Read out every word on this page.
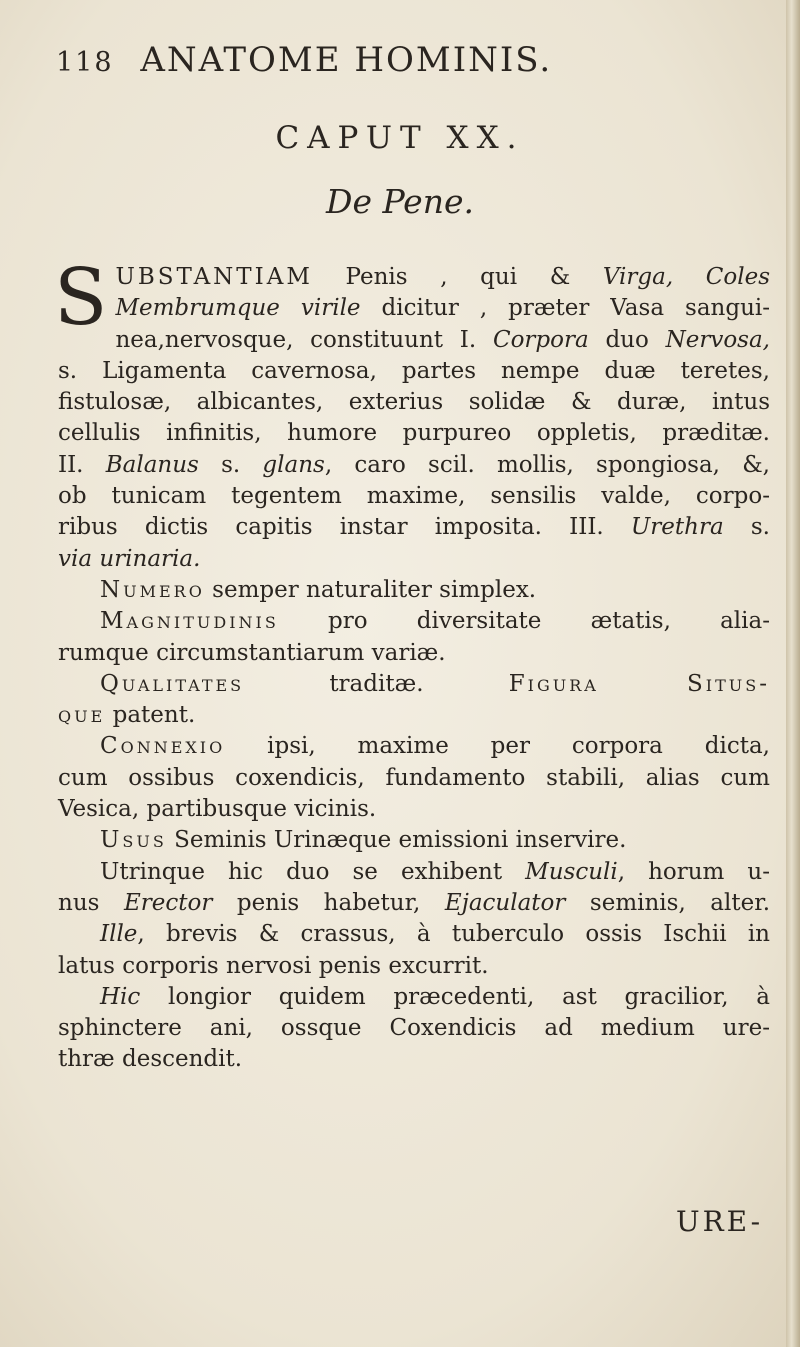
118 ANATOME HOMINIS.
CAPUT XX.
De Pene.
S UBSTANTIAM Penis , qui & Virga, Coles
Membrumque virile dicitur , præter Vasa sangui-
nea,nervosque, constituunt I. Corpora duo Nervosa,
s. Ligamenta cavernosa, partes nempe duæ teretes,
fistulosæ, albicantes, exterius solidæ & duræ, intus
cellulis infinitis, humore purpureo oppletis, præditæ.
II. Balanus s. glans, caro scil. mollis, spongiosa, &,
ob tunicam tegentem maxime, sensilis valde, corpo-
ribus dictis capitis instar imposita. III. Urethra s.
via urinaria.
Numero semper naturaliter simplex.
Magnitudinis pro diversitate ætatis, alia-
rumque circumstantiarum variæ.
Qualitates traditæ. Figura Situs-
que patent.
Connexio ipsi, maxime per corpora dicta,
cum ossibus coxendicis, fundamento stabili, alias cum
Vesica, partibusque vicinis.
Usus Seminis Urinæque emissioni inservire.
Utrinque hic duo se exhibent Musculi, horum u-
nus Erector penis habetur, Ejaculator seminis, alter.
Ille, brevis & crassus, à tuberculo ossis Ischii in
latus corporis nervosi penis excurrit.
Hic longior quidem præcedenti, ast gracilior, à
sphinctere ani, ossque Coxendicis ad medium ure-
thræ descendit.
URE-
